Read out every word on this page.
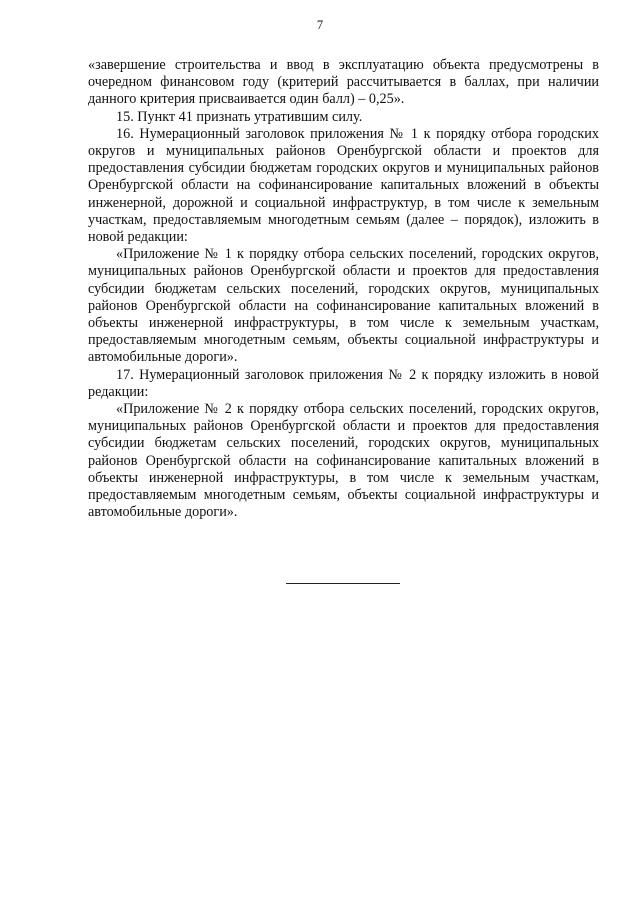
7

«завершение строительства и ввод в эксплуатацию объекта предусмотрены в очередном финансовом году (критерий рассчитывается в баллах, при наличии данного критерия присваивается один балл) – 0,25».

15. Пункт 41 признать утратившим силу.

16. Нумерационный заголовок приложения № 1 к порядку отбора городских округов и муниципальных районов Оренбургской области и проектов для предоставления субсидии бюджетам городских округов и муниципальных районов Оренбургской области на софинансирование капитальных вложений в объекты инженерной, дорожной и социальной инфраструктур, в том числе к земельным участкам, предоставляемым многодетным семьям (далее – порядок), изложить в новой редакции:

«Приложение № 1 к порядку отбора сельских поселений, городских округов, муниципальных районов Оренбургской области и проектов для предоставления субсидии бюджетам сельских поселений, городских округов, муниципальных районов Оренбургской области на софинансирование капитальных вложений в объекты инженерной инфраструктуры, в том числе к земельным участкам, предоставляемым многодетным семьям, объекты социальной инфраструктуры и автомобильные дороги».

17. Нумерационный заголовок приложения № 2 к порядку изложить в новой редакции:

«Приложение № 2 к порядку отбора сельских поселений, городских округов, муниципальных районов Оренбургской области и проектов для предоставления субсидии бюджетам сельских поселений, городских округов, муниципальных районов Оренбургской области на софинансирование капитальных вложений в объекты инженерной инфраструктуры, в том числе к земельным участкам, предоставляемым многодетным семьям, объекты социальной инфраструктуры и автомобильные дороги».
